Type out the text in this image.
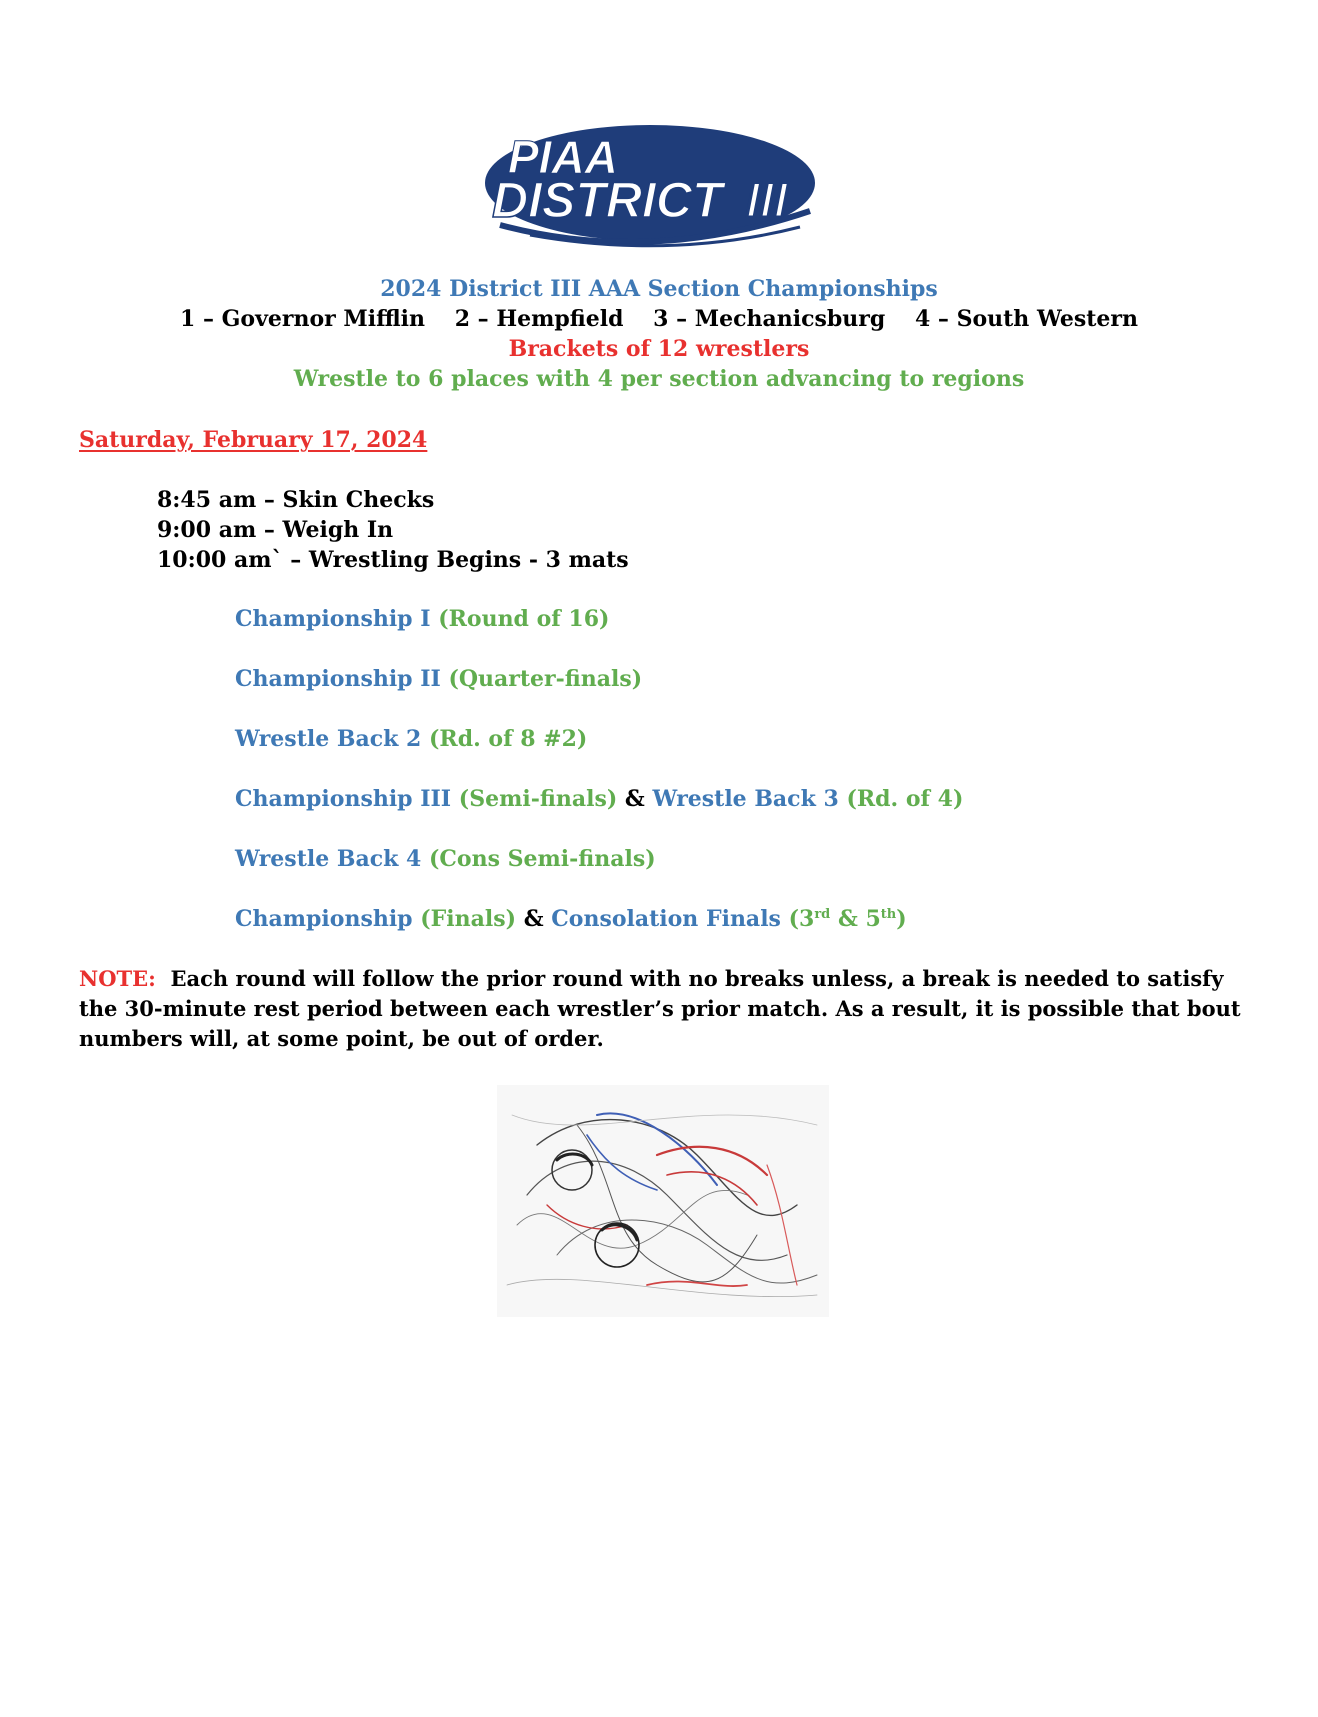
PIAA
DISTRICT III
2024 District III AAA Section Championships
1 – Governor Mifflin 2 – Hempfield 3 – Mechanicsburg 4 – South Western
Brackets of 12 wrestlers
Wrestle to 6 places with 4 per section advancing to regions
Saturday, February 17, 2024
8:45 am – Skin Checks
9:00 am – Weigh In
10:00 am` – Wrestling Begins - 3 mats
Championship I (Round of 16)
Championship II (Quarter-finals)
Wrestle Back 2 (Rd. of 8 #2)
Championship III (Semi-finals) & Wrestle Back 3 (Rd. of 4)
Wrestle Back 4 (Cons Semi-finals)
Championship (Finals) & Consolation Finals (3rd & 5th)
NOTE: Each round will follow the prior round with no breaks unless, a break is needed to satisfy the 30-minute rest period between each wrestler’s prior match. As a result, it is possible that bout numbers will, at some point, be out of order.
